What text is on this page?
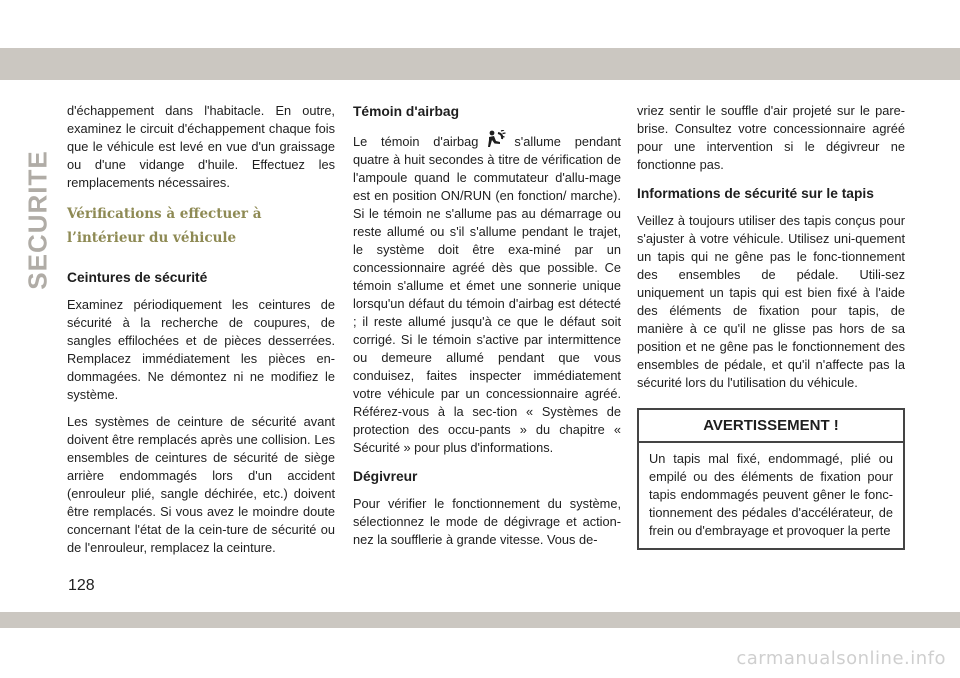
SECURITE

d'échappement dans l'habitacle. En outre, examinez le circuit d'échappement chaque fois que le véhicule est levé en vue d'un graissage ou d'une vidange d'huile. Effectuez les remplacements nécessaires.

Vérifications à effectuer à l’intérieur du véhicule
Ceintures de sécurité

Examinez périodiquement les ceintures de sécurité à la recherche de coupures, de sangles effilochées et de pièces desserrées. Remplacez immédiatement les pièces en-dommagées. Ne démontez ni ne modifiez le système.

Les systèmes de ceinture de sécurité avant doivent être remplacés après une collision. Les ensembles de ceintures de sécurité de siège arrière endommagés lors d'un accident (enrouleur plié, sangle déchirée, etc.) doivent être remplacés. Si vous avez le moindre doute concernant l'état de la cein-ture de sécurité ou de l'enrouleur, remplacez la ceinture.

Témoin d'airbag

Le témoin d'airbag	s'allume pendant quatre à huit secondes à titre de vérification de l'ampoule quand le commutateur d'allu-mage est en position ON/RUN (en fonction/ marche). Si le témoin ne s'allume pas au démarrage ou reste allumé ou s'il s'allume pendant le trajet, le système doit être exa-miné par un concessionnaire agréé dès que possible. Ce témoin s'allume et émet une sonnerie unique lorsqu'un défaut du témoin d'airbag est détecté ; il reste allumé jusqu'à ce que le défaut soit corrigé. Si le témoin s'active par intermittence ou demeure allumé pendant que vous conduisez, faites inspecter immédiatement votre véhicule par un concessionnaire agréé. Référez-vous à la sec-tion « Systèmes de protection des occu-pants » du chapitre « Sécurité » pour plus d'informations.

Dégivreur

Pour vérifier le fonctionnement du système, sélectionnez le mode de dégivrage et action-nez la soufflerie à grande vitesse. Vous de-

vriez sentir le souffle d'air projeté sur le pare-brise. Consultez votre concessionnaire agréé pour une intervention si le dégivreur ne fonctionne pas.

Informations de sécurité sur le tapis

Veillez à toujours utiliser des tapis conçus pour s'ajuster à votre véhicule. Utilisez uni-quement un tapis qui ne gêne pas le fonc-tionnement des ensembles de pédale. Utili-sez uniquement un tapis qui est bien fixé à l'aide des éléments de fixation pour tapis, de manière à ce qu'il ne glisse pas hors de sa position et ne gêne pas le fonctionnement des ensembles de pédale, et qu'il n'affecte pas la sécurité lors du l'utilisation du véhicule.

AVERTISSEMENT !
Un tapis mal fixé, endommagé, plié ou empilé ou des éléments de fixation pour tapis endommagés peuvent gêner le fonc-tionnement des pédales d'accélérateur, de frein ou d'embrayage et provoquer la perte
128
carmanualsonline.info
